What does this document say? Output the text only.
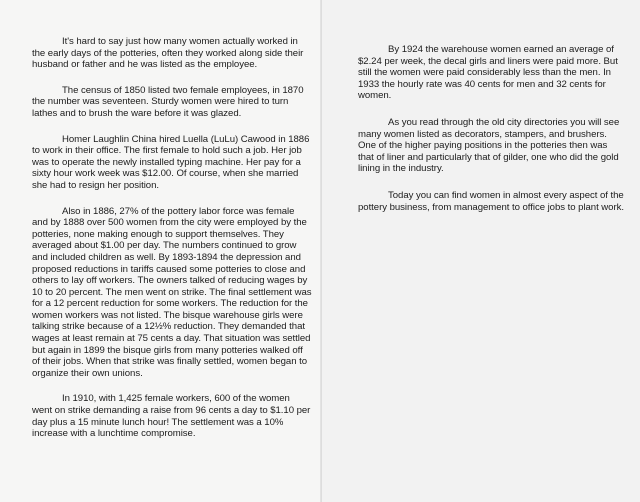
It's hard to say just how many women actually worked in the early days of the potteries, often they worked along side their husband or father and he was listed as the employee.

The census of 1850 listed two female employees, in 1870 the number was seventeen. Sturdy women were hired to turn lathes and to brush the ware before it was glazed.

Homer Laughlin China hired Luella (LuLu) Cawood in 1886 to work in their office. The first female to hold such a job. Her job was to operate the newly installed typing machine. Her pay for a sixty hour work week was $12.00. Of course, when she married she had to resign her position.

Also in 1886, 27% of the pottery labor force was female and by 1888 over 500 women from the city were employed by the potteries, none making enough to support themselves. They averaged about $1.00 per day. The numbers continued to grow and included children as well. By 1893-1894 the depression and proposed reductions in tariffs caused some potteries to close and others to lay off workers. The owners talked of reducing wages by 10 to 20 percent. The men went on strike. The final settlement was for a 12 percent reduction for some workers. The reduction for the women workers was not listed. The bisque warehouse girls were talking strike because of a 12½% reduction. They demanded that wages at least remain at 75 cents a day. That situation was settled but again in 1899 the bisque girls from many potteries walked off of their jobs. When that strike was finally settled, women began to organize their own unions.

In 1910, with 1,425 female workers, 600 of the women went on strike demanding a raise from 96 cents a day to $1.10 per day plus a 15 minute lunch hour! The settlement was a 10% increase with a lunchtime compromise.

By 1924 the warehouse women earned an average of $2.24 per week, the decal girls and liners were paid more. But still the women were paid considerably less than the men. In 1933 the hourly rate was 40 cents for men and 32 cents for women.

As you read through the old city directories you will see many women listed as decorators, stampers, and brushers. One of the higher paying positions in the potteries then was that of liner and particularly that of gilder, one who did the gold lining in the industry.

Today you can find women in almost every aspect of the pottery business, from management to office jobs to plant work.
